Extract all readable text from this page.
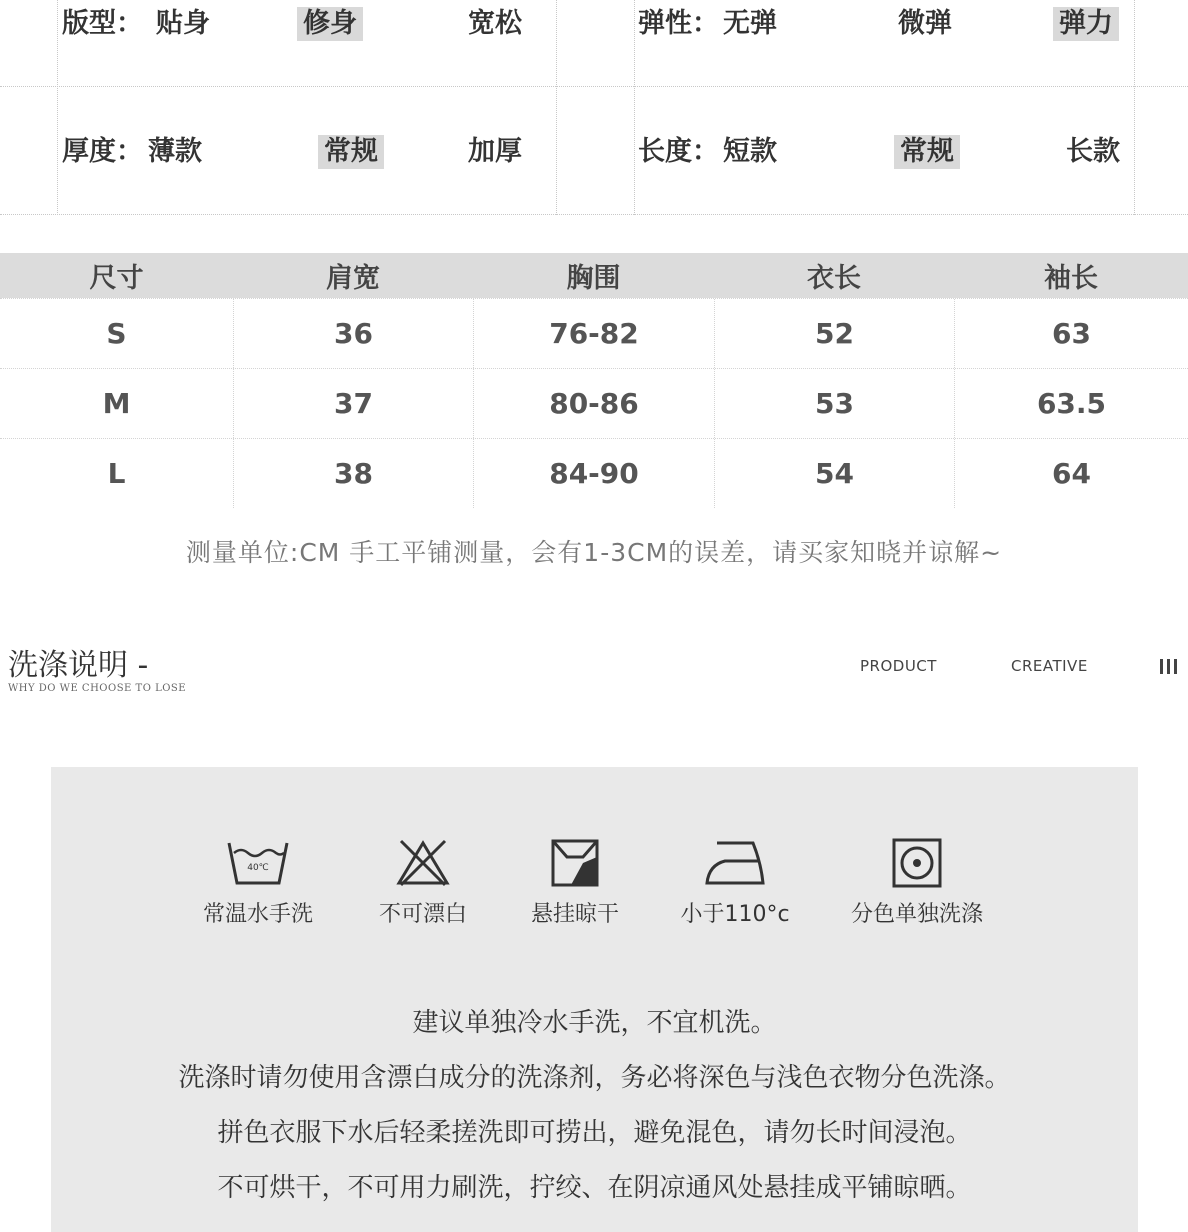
版型： 贴身	修身	宽松	弹性： 无弹	微弹	弹力
厚度： 薄款	常规	加厚	长度： 短款	常规	长款
尺寸	肩宽	胸围	衣长	袖长
S	36	76-82	52	63
M	37	80-86	53	63.5
L	38	84-90	54	64
测量单位:CM 手工平铺测量，会有1-3CM的误差，请买家知晓并谅解~
洗涤说明 -
WHY DO WE CHOOSE TO LOSE
PRODUCT	CREATIVE
40℃
常温水手洗	不可漂白	悬挂晾干	小于110°c	分色单独洗涤
建议单独冷水手洗，不宜机洗。
洗涤时请勿使用含漂白成分的洗涤剂，务必将深色与浅色衣物分色洗涤。
拼色衣服下水后轻柔搓洗即可捞出，避免混色，请勿长时间浸泡。
不可烘干，不可用力刷洗，拧绞、在阴凉通风处悬挂成平铺晾晒。
